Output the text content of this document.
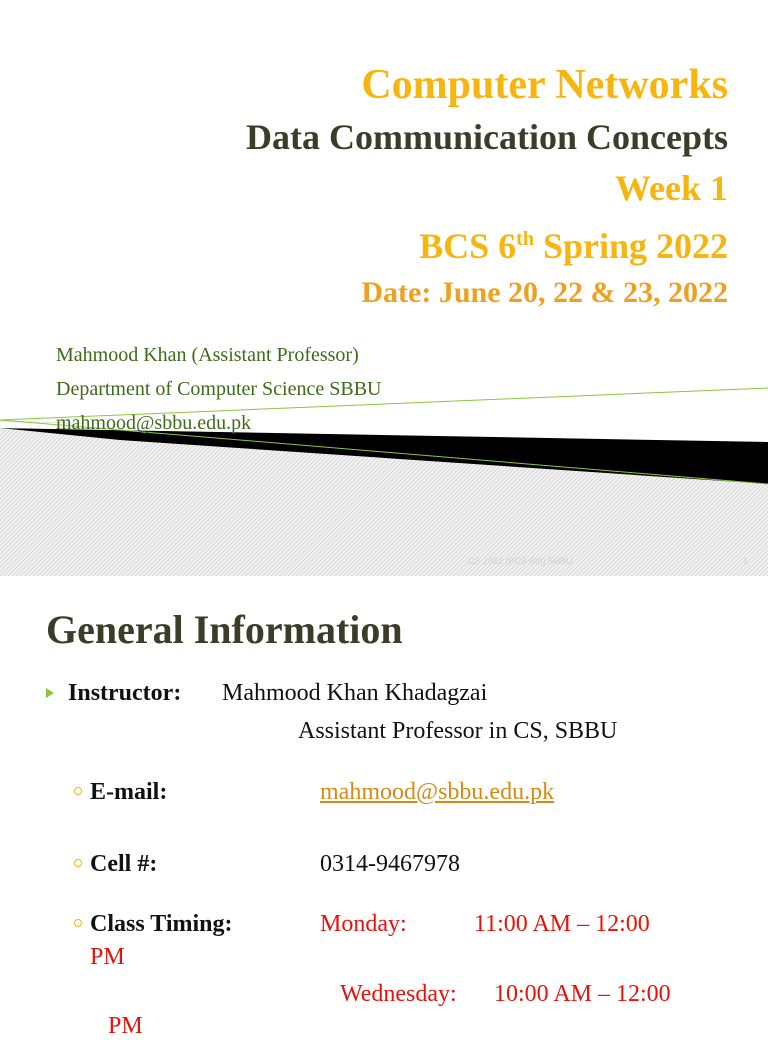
Computer Networks
Data Communication Concepts
Week 1
BCS 6th Spring 2022
Date: June 20, 22 & 23, 2022
Mahmood Khan (Assistant Professor)
Department of Computer Science SBBU
mahmood@sbbu.edu.pk
CS 2022 (BCS-6th) SBBU	1
General Information
Instructor: Mahmood Khan Khadagzai
Assistant Professor in CS, SBBU
E-mail:	mahmood@sbbu.edu.pk
Cell #:	0314-9467978
Class Timing:	Monday:	11:00 AM – 12:00
PM
Wednesday: 10:00 AM – 12:00
PM
